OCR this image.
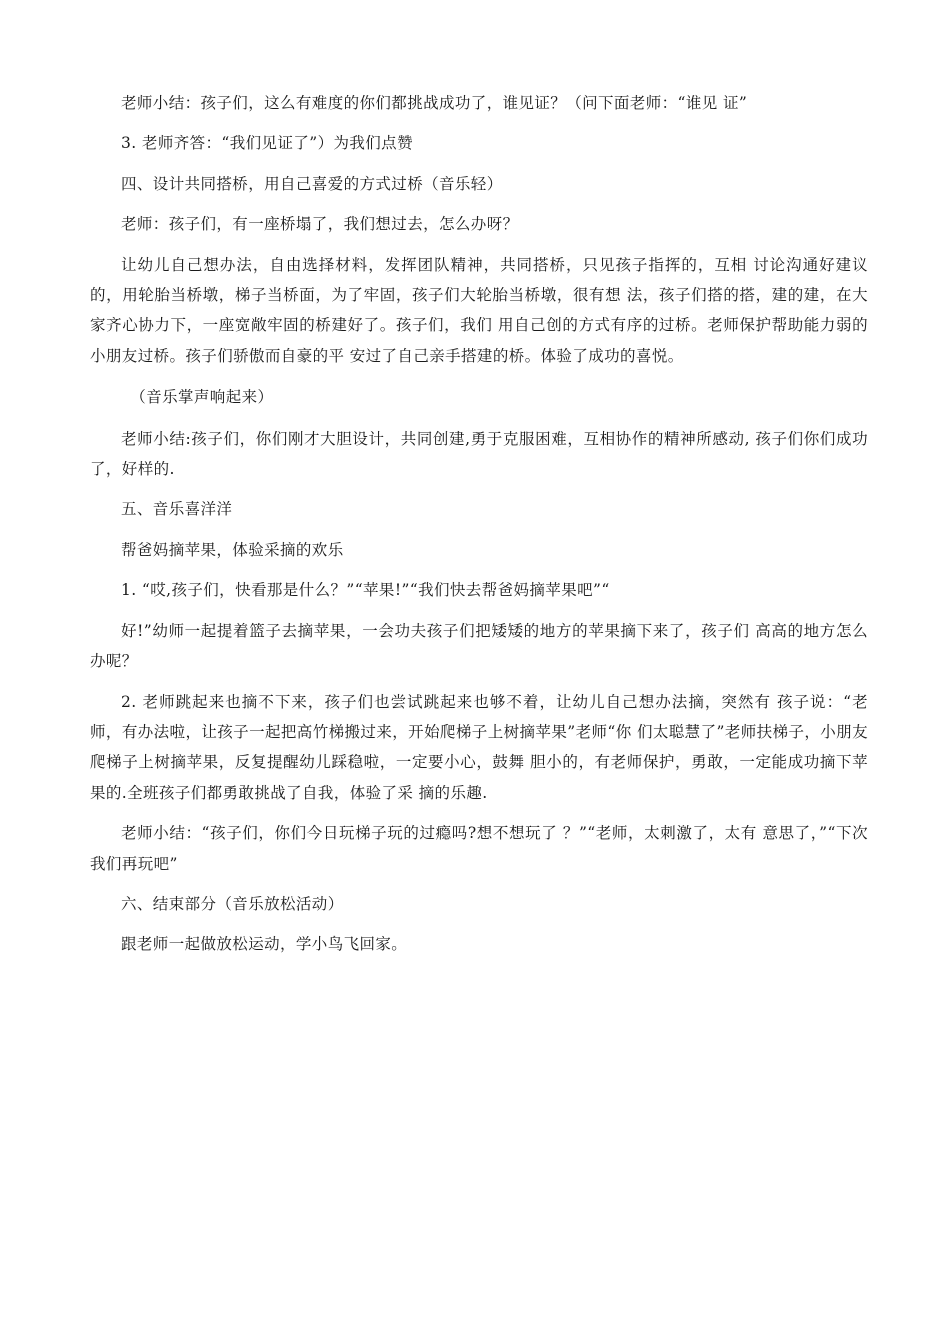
老师小结：孩子们，这么有难度的你们都挑战成功了，谁见证？（问下面老师：“谁见 证”

3. 老师齐答：“我们见证了”）为我们点赞

四、设计共同搭桥，用自己喜爱的方式过桥（音乐轻）

老师：孩子们，有一座桥塌了，我们想过去，怎么办呀？

让幼儿自己想办法，自由选择材料，发挥团队精神，共同搭桥，只见孩子指挥的，互相 讨论沟通好建议的，用轮胎当桥墩，梯子当桥面，为了牢固，孩子们大轮胎当桥墩，很有想 法，孩子们搭的搭，建的建，在大家齐心协力下，一座宽敞牢固的桥建好了。孩子们，我们 用自己创的方式有序的过桥。老师保护帮助能力弱的小朋友过桥。孩子们骄傲而自豪的平 安过了自己亲手搭建的桥。体验了成功的喜悦。

（音乐掌声响起来）

老师小结:孩子们，你们刚才大胆设计，共同创建,勇于克服困难，互相协作的精神所感动, 孩子们你们成功了，好样的.

五、音乐喜洋洋

帮爸妈摘苹果，体验采摘的欢乐

1. “哎,孩子们，快看那是什么？”“苹果!”“我们快去帮爸妈摘苹果吧”“

好!”幼师一起提着篮子去摘苹果，一会功夫孩子们把矮矮的地方的苹果摘下来了，孩子们 高高的地方怎么办呢？

2. 老师跳起来也摘不下来，孩子们也尝试跳起来也够不着，让幼儿自己想办法摘，突然有 孩子说：“老师，有办法啦，让孩子一起把高竹梯搬过来，开始爬梯子上树摘苹果”老师“你 们太聪慧了”老师扶梯子，小朋友爬梯子上树摘苹果，反复提醒幼儿踩稳啦，一定要小心，鼓舞 胆小的，有老师保护，勇敢，一定能成功摘下苹果的.全班孩子们都勇敢挑战了自我，体验了采 摘的乐趣.

老师小结：“孩子们，你们今日玩梯子玩的过瘾吗?想不想玩了 ？”“老师，太刺激了，太有 意思了，”“下次我们再玩吧”

六、结束部分（音乐放松活动）

跟老师一起做放松运动，学小鸟飞回家。
